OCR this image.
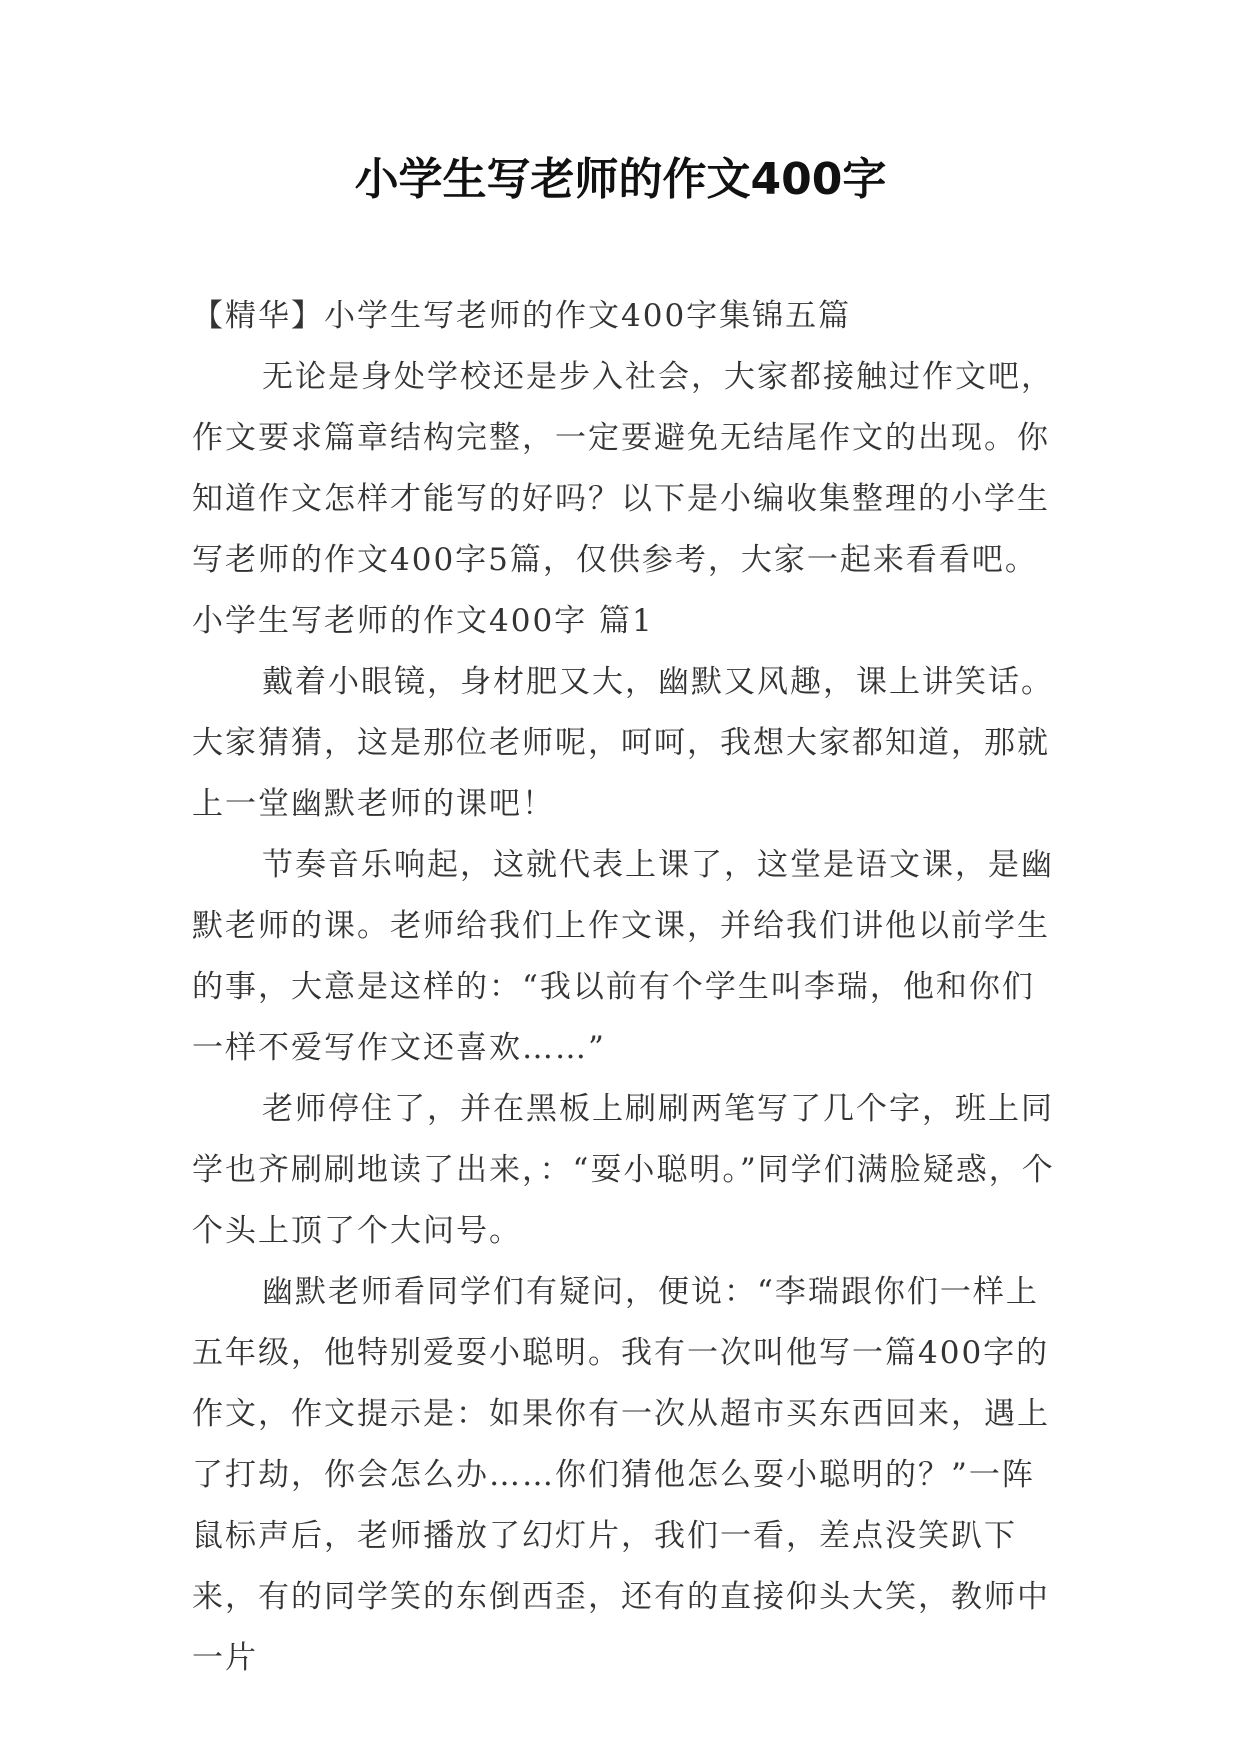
小学生写老师的作文400字

【精华】小学生写老师的作文400字集锦五篇

无论是身处学校还是步入社会，大家都接触过作文吧，作文要求篇章结构完整，一定要避免无结尾作文的出现。你知道作文怎样才能写的好吗？以下是小编收集整理的小学生写老师的作文400字5篇，仅供参考，大家一起来看看吧。

小学生写老师的作文400字 篇1

戴着小眼镜，身材肥又大，幽默又风趣，课上讲笑话。大家猜猜，这是那位老师呢，呵呵，我想大家都知道，那就上一堂幽默老师的课吧！

节奏音乐响起，这就代表上课了，这堂是语文课，是幽默老师的课。老师给我们上作文课，并给我们讲他以前学生的事，大意是这样的：“我以前有个学生叫李瑞，他和你们一样不爱写作文还喜欢……”

老师停住了，并在黑板上刷刷两笔写了几个字，班上同学也齐刷刷地读了出来，：“耍小聪明。”同学们满脸疑惑，个个头上顶了个大问号。

幽默老师看同学们有疑问，便说：“李瑞跟你们一样上五年级，他特别爱耍小聪明。我有一次叫他写一篇400字的作文，作文提示是：如果你有一次从超市买东西回来，遇上了打劫，你会怎么办……你们猜他怎么耍小聪明的？”一阵鼠标声后，老师播放了幻灯片，我们一看，差点没笑趴下来，有的同学笑的东倒西歪，还有的直接仰头大笑，教师中一片
